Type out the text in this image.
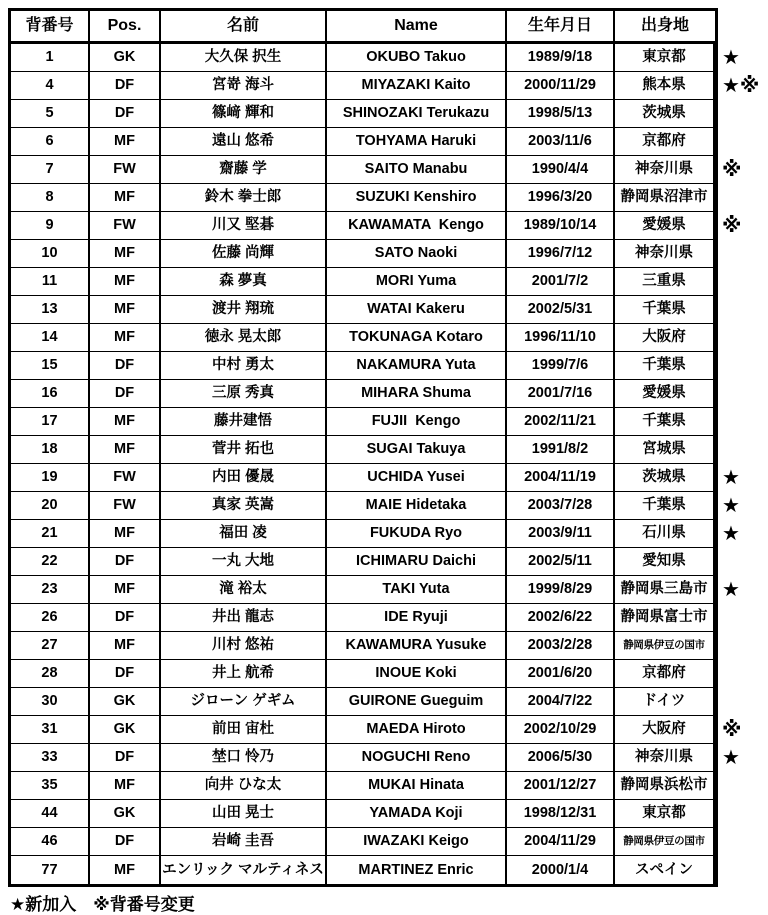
背番号	Pos.	名前	Name	生年月日	出身地
1	GK	大久保 択生	OKUBO Takuo	1989/9/18	東京都	★
4	DF	宮嵜 海斗	MIYAZAKI Kaito	2000/11/29	熊本県	★※
5	DF	篠﨑 輝和	SHINOZAKI Terukazu	1998/5/13	茨城県
6	MF	遠山 悠希	TOHYAMA Haruki	2003/11/6	京都府
7	FW	齋藤 学	SAITO Manabu	1990/4/4	神奈川県	※
8	MF	鈴木 拳士郎	SUZUKI Kenshiro	1996/3/20	静岡県沼津市
9	FW	川又 堅碁	KAWAMATA  Kengo	1989/10/14	愛媛県	※
10	MF	佐藤 尚輝	SATO Naoki	1996/7/12	神奈川県
11	MF	森 夢真	MORI Yuma	2001/7/2	三重県
13	MF	渡井 翔琉	WATAI Kakeru	2002/5/31	千葉県
14	MF	徳永 晃太郎	TOKUNAGA Kotaro	1996/11/10	大阪府
15	DF	中村 勇太	NAKAMURA Yuta	1999/7/6	千葉県
16	DF	三原 秀真	MIHARA Shuma	2001/7/16	愛媛県
17	MF	藤井建悟	FUJII  Kengo	2002/11/21	千葉県
18	MF	菅井 拓也	SUGAI Takuya	1991/8/2	宮城県
19	FW	内田 優晟	UCHIDA Yusei	2004/11/19	茨城県	★
20	FW	真家 英嵩	MAIE Hidetaka	2003/7/28	千葉県	★
21	MF	福田 凌	FUKUDA Ryo	2003/9/11	石川県	★
22	DF	一丸 大地	ICHIMARU Daichi	2002/5/11	愛知県
23	MF	滝 裕太	TAKI Yuta	1999/8/29	静岡県三島市 ★
26	DF	井出 龍志	IDE Ryuji	2002/6/22	静岡県富士市
27	MF	川村 悠祐	KAWAMURA Yusuke	2003/2/28	静岡県伊豆の国市
28	DF	井上 航希	INOUE Koki	2001/6/20	京都府
30	GK	ジローン ゲギム	GUIRONE Gueguim	2004/7/22	ドイツ
31	GK	前田 宙杜	MAEDA Hiroto	2002/10/29	大阪府	※
33	DF	埜口 怜乃	NOGUCHI Reno	2006/5/30	神奈川県	★
35	MF	向井 ひな太	MUKAI Hinata	2001/12/27	静岡県浜松市
44	GK	山田 晃士	YAMADA Koji	1998/12/31	東京都
46	DF	岩崎 圭吾	IWAZAKI Keigo	2004/11/29	静岡県伊豆の国市
77	MF	エンリック マルティネス	MARTINEZ Enric	2000/1/4	スペイン
★新加入　※背番号変更
